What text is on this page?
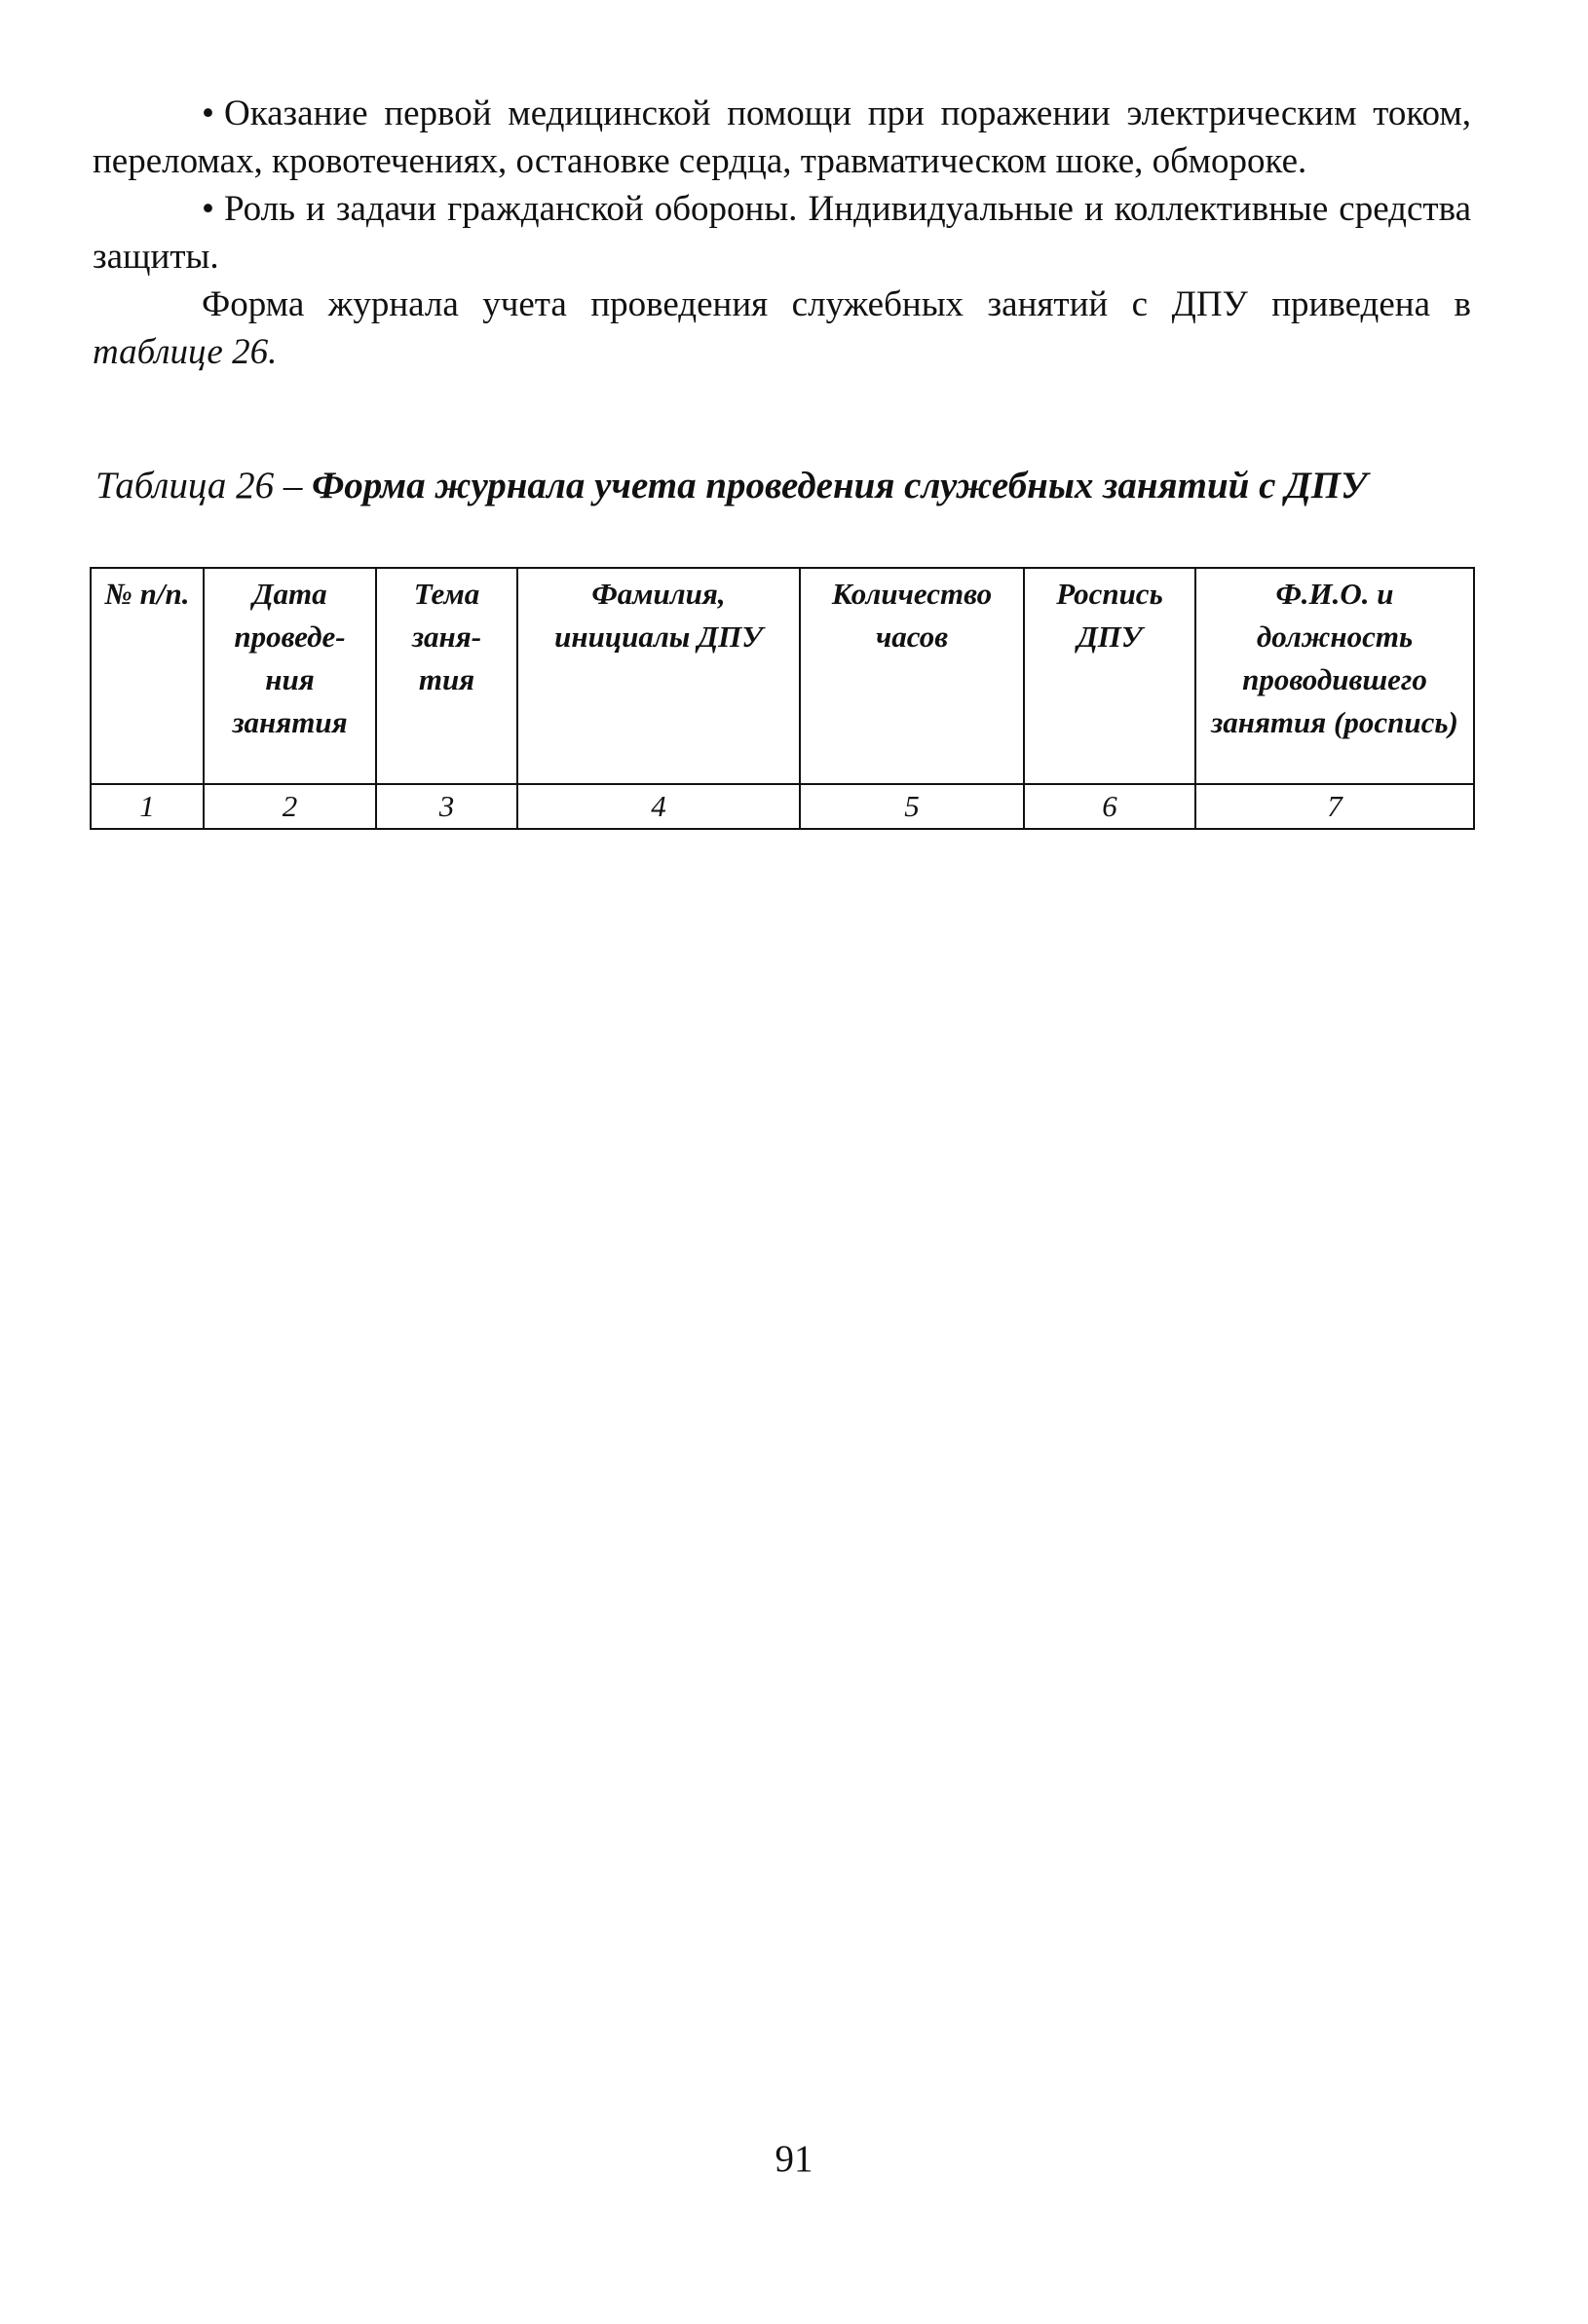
• Оказание первой медицинской помощи при поражении электрическим током, переломах, кровотечениях, остановке сердца, травматическом шоке, обмороке.

• Роль и задачи гражданской обороны. Индивидуальные и коллективные средства защиты.

Форма журнала учета проведения служебных занятий с ДПУ приведена в таблице 26.

Таблица 26 – Форма журнала учета проведения служебных занятий с ДПУ
№ п/п.	Дата проведе- ния занятия	Тема заня- тия	Фамилия, инициалы ДПУ	Количество часов	Роспись ДПУ	Ф.И.О. и должность проводившего занятия (роспись)
1	2	3	4	5	6	7
91
